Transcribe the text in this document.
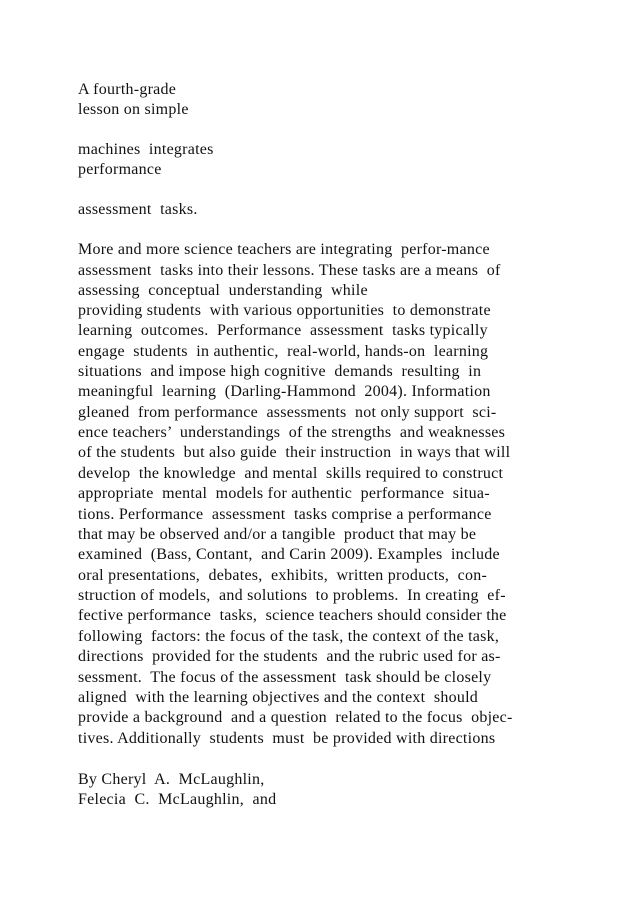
A fourth-grade

lesson on simple

machines  integrates

performance

assessment  tasks.

More and more science teachers are integrating  perfor-mance

assessment  tasks into their lessons. These tasks are a means  of

assessing  conceptual  understanding  while

providing students  with various opportunities  to demonstrate

learning  outcomes.  Performance  assessment  tasks typically

engage  students  in authentic,  real-world, hands-on  learning

situations  and impose high cognitive  demands  resulting  in

meaningful  learning  (Darling-Hammond  2004). Information

gleaned  from performance  assessments  not only support  sci-

ence teachers’  understandings  of the strengths  and weaknesses

of the students  but also guide  their instruction  in ways that will

develop  the knowledge  and mental  skills required to construct

appropriate  mental  models for authentic  performance  situa-

tions. Performance  assessment  tasks comprise a performance

that may be observed and/or a tangible  product that may be

examined  (Bass, Contant,  and Carin 2009). Examples  include

oral presentations,  debates,  exhibits,  written products,  con-

struction of models,  and solutions  to problems.  In creating  ef-

fective performance  tasks,  science teachers should consider the

following  factors: the focus of the task, the context of the task,

directions  provided for the students  and the rubric used for as-

sessment.  The focus of the assessment  task should be closely

aligned  with the learning objectives and the context  should

provide a background  and a question  related to the focus  objec-

tives. Additionally  students  must  be provided with directions

By Cheryl  A.  McLaughlin,

Felecia  C.  McLaughlin,  and
